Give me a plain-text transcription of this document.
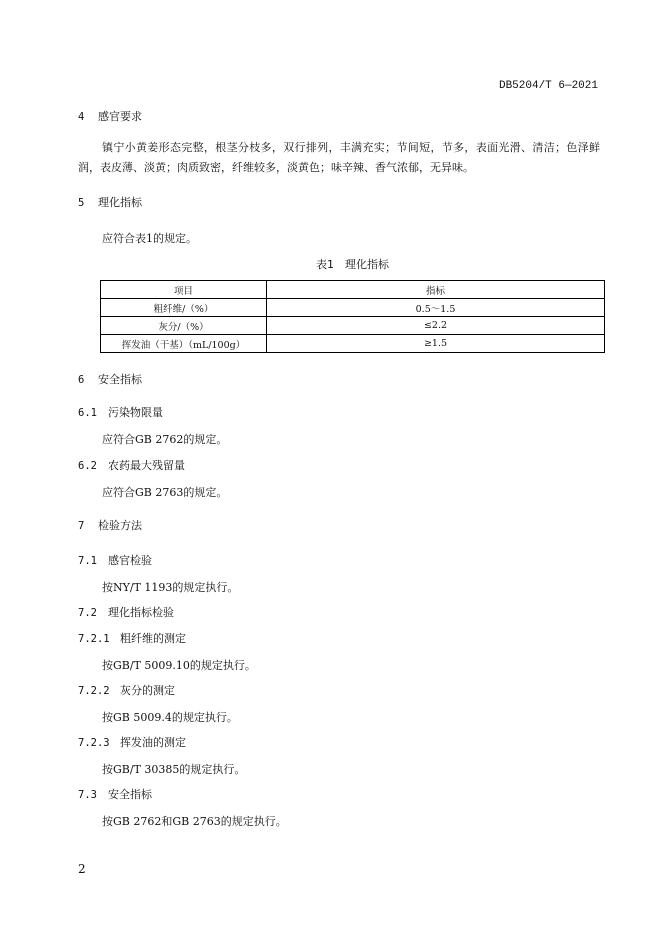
DB5204/T 6—2021
4 感官要求
镇宁小黄姜形态完整，根茎分枝多，双行排列，丰满充实；节间短，节多，表面光滑、清洁；色泽鲜润，表皮薄、淡黄；肉质致密，纤维较多，淡黄色；味辛辣、香气浓郁，无异味。
5 理化指标
应符合表1的规定。
表1　理化指标
项目	指标
粗纤维/（%）	0.5～1.5
灰分/（%）	≤2.2
挥发油（干基）（mL/100g）	≥1.5
6 安全指标
6.1 污染物限量
应符合GB 2762的规定。
6.2 农药最大残留量
应符合GB 2763的规定。
7 检验方法
7.1 感官检验
按NY/T 1193的规定执行。
7.2 理化指标检验
7.2.1 粗纤维的测定
按GB/T 5009.10的规定执行。
7.2.2 灰分的测定
按GB 5009.4的规定执行。
7.2.3 挥发油的测定
按GB/T 30385的规定执行。
7.3 安全指标
按GB 2762和GB 2763的规定执行。
2
